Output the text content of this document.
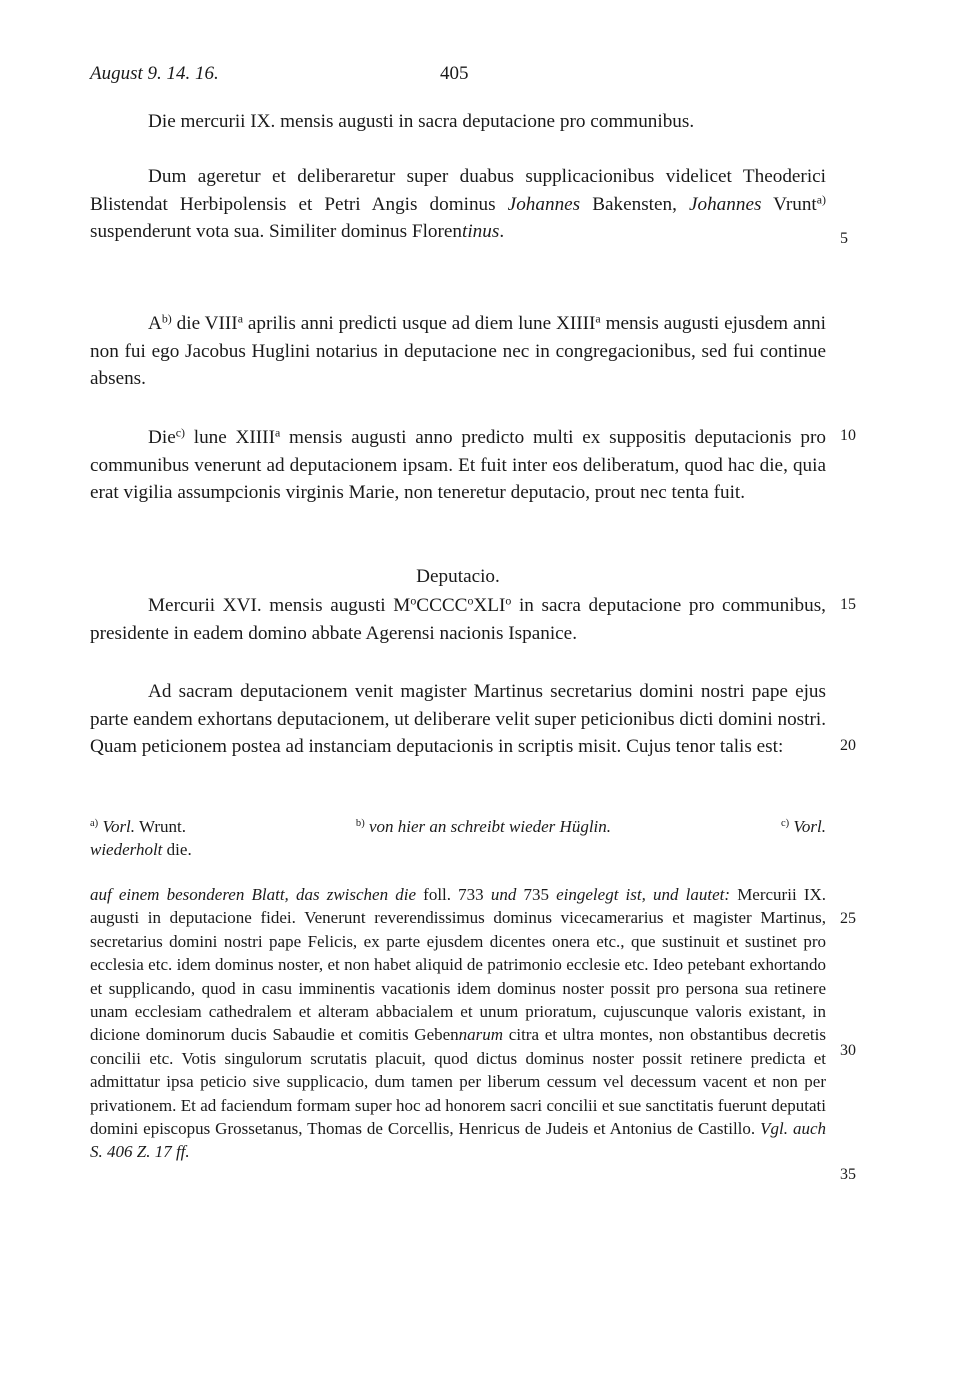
August 9. 14. 16.	405

Die mercurii IX. mensis augusti in sacra deputacione pro communibus.

Dum ageretur et deliberaretur super duabus supplicacionibus videlicet Theoderici Blistendat Herbipolensis et Petri Angis dominus Johannes Bakensten, Johannes Vrunt$^{a)}$ suspenderunt vota sua. Similiter dominus Florentinus.

$A^{b)}$ die VIII$^a$ aprilis anni predicti usque ad diem lune XIIII$^a$ mensis augusti ejusdem anni non fui ego Jacobus Huglini notarius in deputacione nec in congregacionibus, sed fui continue absens.

Die$^{c)}$ lune XIIII$^a$ mensis augusti anno predicto multi ex suppositis deputacionis pro communibus venerunt ad deputacionem ipsam. Et fuit inter eos deliberatum, quod hac die, quia erat vigilia assumpcionis virginis Marie, non teneretur deputacio, prout nec tenta fuit.

Deputacio.

Mercurii XVI. mensis augusti $M^oCCCC^oXLI^o$ in sacra deputacione pro communibus, presidente in eadem domino abbate Agerensi nacionis Ispanice.

Ad sacram deputacionem venit magister Martinus secretarius domini nostri pape ejus parte eandem exhortans deputacionem, ut deliberare velit super peticionibus dicti domini nostri. Quam peticionem postea ad instanciam deputacionis in scriptis misit. Cujus tenor talis est:

$^{a)}$ Vorl. Wrunt.	$^{b)}$ von hier an schreibt wieder Hüglin.	$^{c)}$ Vorl.
wiederholt die.

auf einem besonderen Blatt, das zwischen die foll. 733 und 735 eingelegt ist, und lautet: Mercurii IX. augusti in deputacione fidei. Venerunt reverendissimus dominus vicecamerarius et magister Martinus, secretarius domini nostri pape Felicis, ex parte ejusdem dicentes onera etc., que sustinuit et sustinet pro ecclesia etc. idem dominus noster, et non habet aliquid de patrimonio ecclesie etc. Ideo petebant exhortando et supplicando, quod in casu imminentis vacationis idem dominus noster possit pro persona sua retinere unam ecclesiam cathedralem et alteram abbacialem et unum prioratum, cujuscunque valoris existant, in dicione dominorum ducis Sabaudie et comitis Gebennarum citra et ultra montes, non obstantibus decretis concilii etc. Votis singulorum scrutatis placuit, quod dictus dominus noster possit retinere predicta et admittatur ipsa peticio sive supplicacio, dum tamen per liberum cessum vel decessum vacent et non per privationem. Et ad faciendum formam super hoc ad honorem sacri concilii et sue sanctitatis fuerunt deputati domini episcopus Grossetanus, Thomas de Corcellis, Henricus de Judeis et Antonius de Castillo. Vgl. auch S. 406 Z. 17 ff.

5
10
15
20
25
30
35
